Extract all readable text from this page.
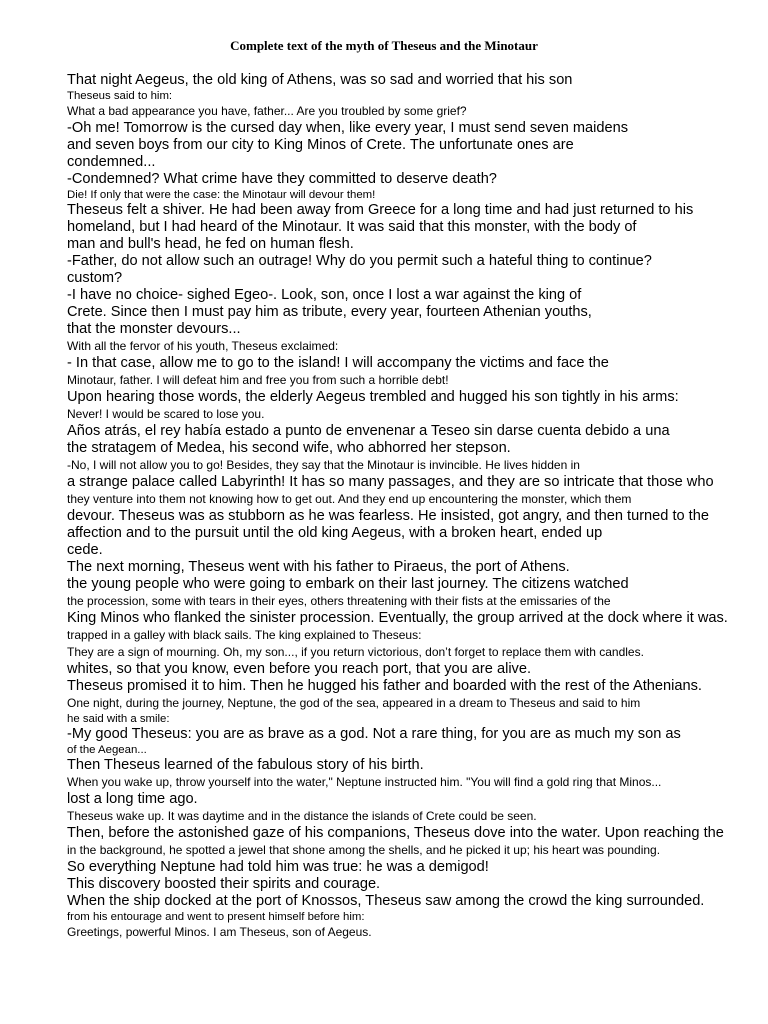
Complete text of the myth of Theseus and the Minotaur

That night Aegeus, the old king of Athens, was so sad and worried that his son

Theseus said to him:

What a bad appearance you have, father... Are you troubled by some grief?

-Oh me! Tomorrow is the cursed day when, like every year, I must send seven maidens

and seven boys from our city to King Minos of Crete. The unfortunate ones are

condemned...

-Condemned? What crime have they committed to deserve death?

Die! If only that were the case: the Minotaur will devour them!

Theseus felt a shiver. He had been away from Greece for a long time and had just returned to his

homeland, but I had heard of the Minotaur. It was said that this monster, with the body of

man and bull's head, he fed on human flesh.

-Father, do not allow such an outrage! Why do you permit such a hateful thing to continue?

custom?

-I have no choice- sighed Egeo-. Look, son, once I lost a war against the king of

Crete. Since then I must pay him as tribute, every year, fourteen Athenian youths,

that the monster devours...

With all the fervor of his youth, Theseus exclaimed:

- In that case, allow me to go to the island! I will accompany the victims and face the

Minotaur, father. I will defeat him and free you from such a horrible debt!

Upon hearing those words, the elderly Aegeus trembled and hugged his son tightly in his arms:

Never! I would be scared to lose you.

Años atrás, el rey había estado a punto de envenenar a Teseo sin darse cuenta debido a una

the stratagem of Medea, his second wife, who abhorred her stepson.

-No, I will not allow you to go! Besides, they say that the Minotaur is invincible. He lives hidden in

a strange palace called Labyrinth! It has so many passages, and they are so intricate that those who

they venture into them not knowing how to get out. And they end up encountering the monster, which them

devour. Theseus was as stubborn as he was fearless. He insisted, got angry, and then turned to the

affection and to the pursuit until the old king Aegeus, with a broken heart, ended up

cede.

The next morning, Theseus went with his father to Piraeus, the port of Athens.

the young people who were going to embark on their last journey. The citizens watched

the procession, some with tears in their eyes, others threatening with their fists at the emissaries of the

King Minos who flanked the sinister procession. Eventually, the group arrived at the dock where it was.

trapped in a galley with black sails. The king explained to Theseus:

They are a sign of mourning. Oh, my son..., if you return victorious, don’t forget to replace them with candles.

whites, so that you know, even before you reach port, that you are alive.

Theseus promised it to him. Then he hugged his father and boarded with the rest of the Athenians.

One night, during the journey, Neptune, the god of the sea, appeared in a dream to Theseus and said to him

he said with a smile:

-My good Theseus: you are as brave as a god. Not a rare thing, for you are as much my son as

of the Aegean...

Then Theseus learned of the fabulous story of his birth.

When you wake up, throw yourself into the water," Neptune instructed him. "You will find a gold ring that Minos...

lost a long time ago.

Theseus wake up. It was daytime and in the distance the islands of Crete could be seen.

Then, before the astonished gaze of his companions, Theseus dove into the water. Upon reaching the

in the background, he spotted a jewel that shone among the shells, and he picked it up; his heart was pounding.

So everything Neptune had told him was true: he was a demigod!

This discovery boosted their spirits and courage.

When the ship docked at the port of Knossos, Theseus saw among the crowd the king surrounded.

from his entourage and went to present himself before him:

Greetings, powerful Minos. I am Theseus, son of Aegeus.
